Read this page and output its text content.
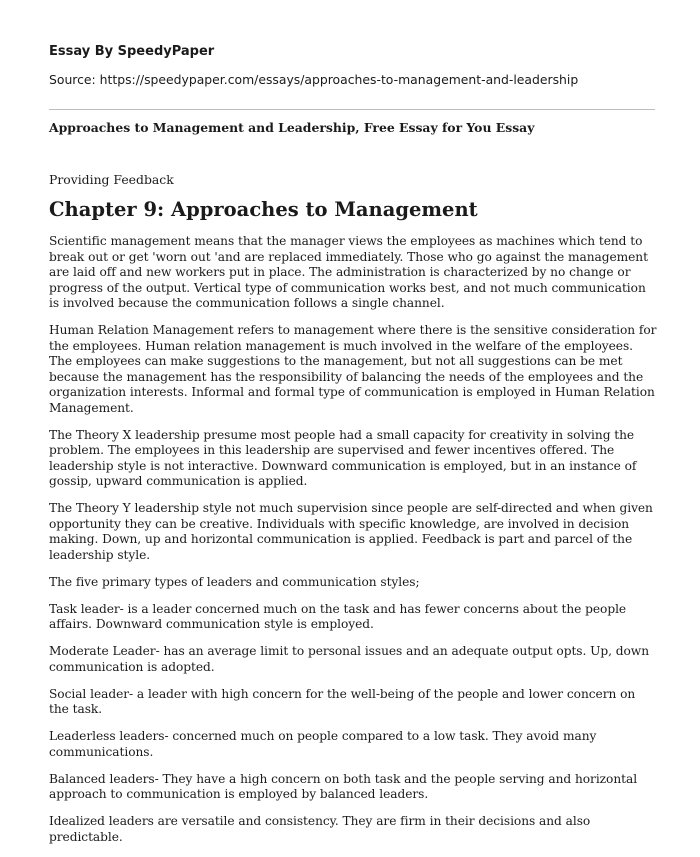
Essay By SpeedyPaper

Source: https://speedypaper.com/essays/approaches-to-management-and-leadership

Approaches to Management and Leadership, Free Essay for You Essay

Providing Feedback

Chapter 9: Approaches to Management

Scientific management means that the manager views the employees as machines which tend to break out or get 'worn out 'and are replaced immediately. Those who go against the management are laid off and new workers put in place. The administration is characterized by no change or progress of the output. Vertical type of communication works best, and not much communication is involved because the communication follows a single channel.

Human Relation Management refers to management where there is the sensitive consideration for the employees. Human relation management is much involved in the welfare of the employees. The employees can make suggestions to the management, but not all suggestions can be met because the management has the responsibility of balancing the needs of the employees and the organization interests. Informal and formal type of communication is employed in Human Relation Management.

The Theory X leadership presume most people had a small capacity for creativity in solving the problem. The employees in this leadership are supervised and fewer incentives offered. The leadership style is not interactive. Downward communication is employed, but in an instance of gossip, upward communication is applied.

The Theory Y leadership style not much supervision since people are self-directed and when given opportunity they can be creative. Individuals with specific knowledge, are involved in decision making. Down, up and horizontal communication is applied. Feedback is part and parcel of the leadership style.

The five primary types of leaders and communication styles;

Task leader- is a leader concerned much on the task and has fewer concerns about the people affairs. Downward communication style is employed.

Moderate Leader- has an average limit to personal issues and an adequate output opts. Up, down communication is adopted.

Social leader- a leader with high concern for the well-being of the people and lower concern on the task.

Leaderless leaders- concerned much on people compared to a low task. They avoid many communications.

Balanced leaders- They have a high concern on both task and the people serving and horizontal approach to communication is employed by balanced leaders.

Idealized leaders are versatile and consistency. They are firm in their decisions and also predictable.
